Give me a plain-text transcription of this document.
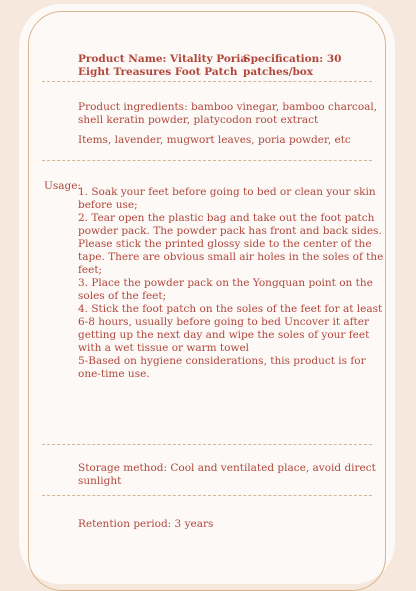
Product Name: Vitality Poria
Eight Treasures Foot Patch
Specification: 30
patches/box
Product ingredients: bamboo vinegar, bamboo charcoal,
shell keratin powder, platycodon root extract
Items, lavender, mugwort leaves, poria powder, etc
Usage:
1. Soak your feet before going to bed or clean your skin
before use;
2. Tear open the plastic bag and take out the foot patch
powder pack. The powder pack has front and back sides.
Please stick the printed glossy side to the center of the
tape. There are obvious small air holes in the soles of the
feet;
3. Place the powder pack on the Yongquan point on the
soles of the feet;
4. Stick the foot patch on the soles of the feet for at least
6-8 hours, usually before going to bed Uncover it after
getting up the next day and wipe the soles of your feet
with a wet tissue or warm towel
5-Based on hygiene considerations, this product is for
one-time use.
Storage method: Cool and ventilated place, avoid direct
sunlight
Retention period: 3 years
